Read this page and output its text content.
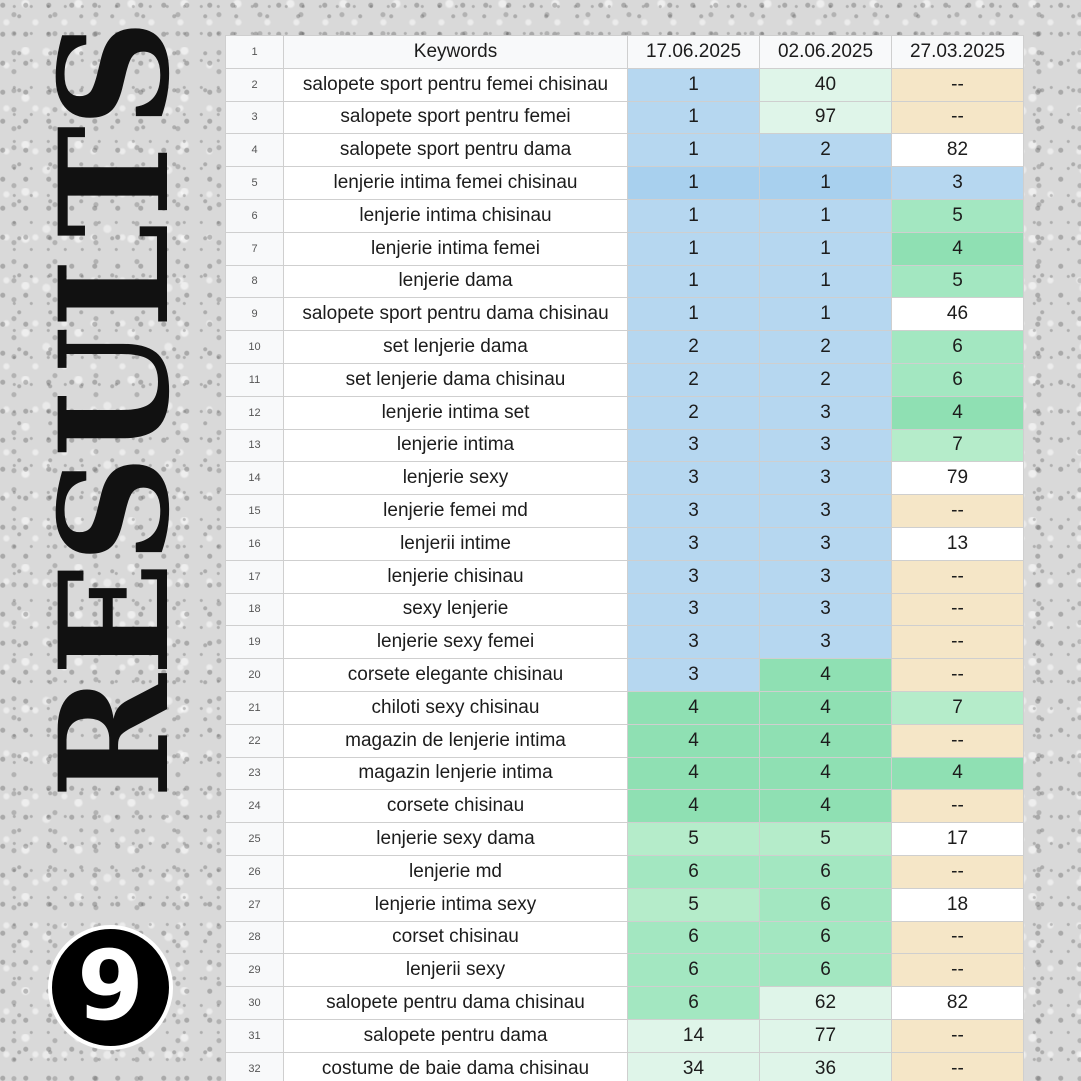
RESULTS
9
1	Keywords	17.06.2025	02.06.2025	27.03.2025
2	salopete sport pentru femei chisinau	1	40	--
3	salopete sport pentru femei	1	97	--
4	salopete sport pentru dama	1	2	82
5	lenjerie intima femei chisinau	1	1	3
6	lenjerie intima chisinau	1	1	5
7	lenjerie intima femei	1	1	4
8	lenjerie dama	1	1	5
9	salopete sport pentru dama chisinau	1	1	46
10	set lenjerie dama	2	2	6
11	set lenjerie dama chisinau	2	2	6
12	lenjerie intima set	2	3	4
13	lenjerie intima	3	3	7
14	lenjerie sexy	3	3	79
15	lenjerie femei md	3	3	--
16	lenjerii intime	3	3	13
17	lenjerie chisinau	3	3	--
18	sexy lenjerie	3	3	--
19	lenjerie sexy femei	3	3	--
20	corsete elegante chisinau	3	4	--
21	chiloti sexy chisinau	4	4	7
22	magazin de lenjerie intima	4	4	--
23	magazin lenjerie intima	4	4	4
24	corsete chisinau	4	4	--
25	lenjerie sexy dama	5	5	17
26	lenjerie md	6	6	--
27	lenjerie intima sexy	5	6	18
28	corset chisinau	6	6	--
29	lenjerii sexy	6	6	--
30	salopete pentru dama chisinau	6	62	82
31	salopete pentru dama	14	77	--
32	costume de baie dama chisinau	34	36	--
